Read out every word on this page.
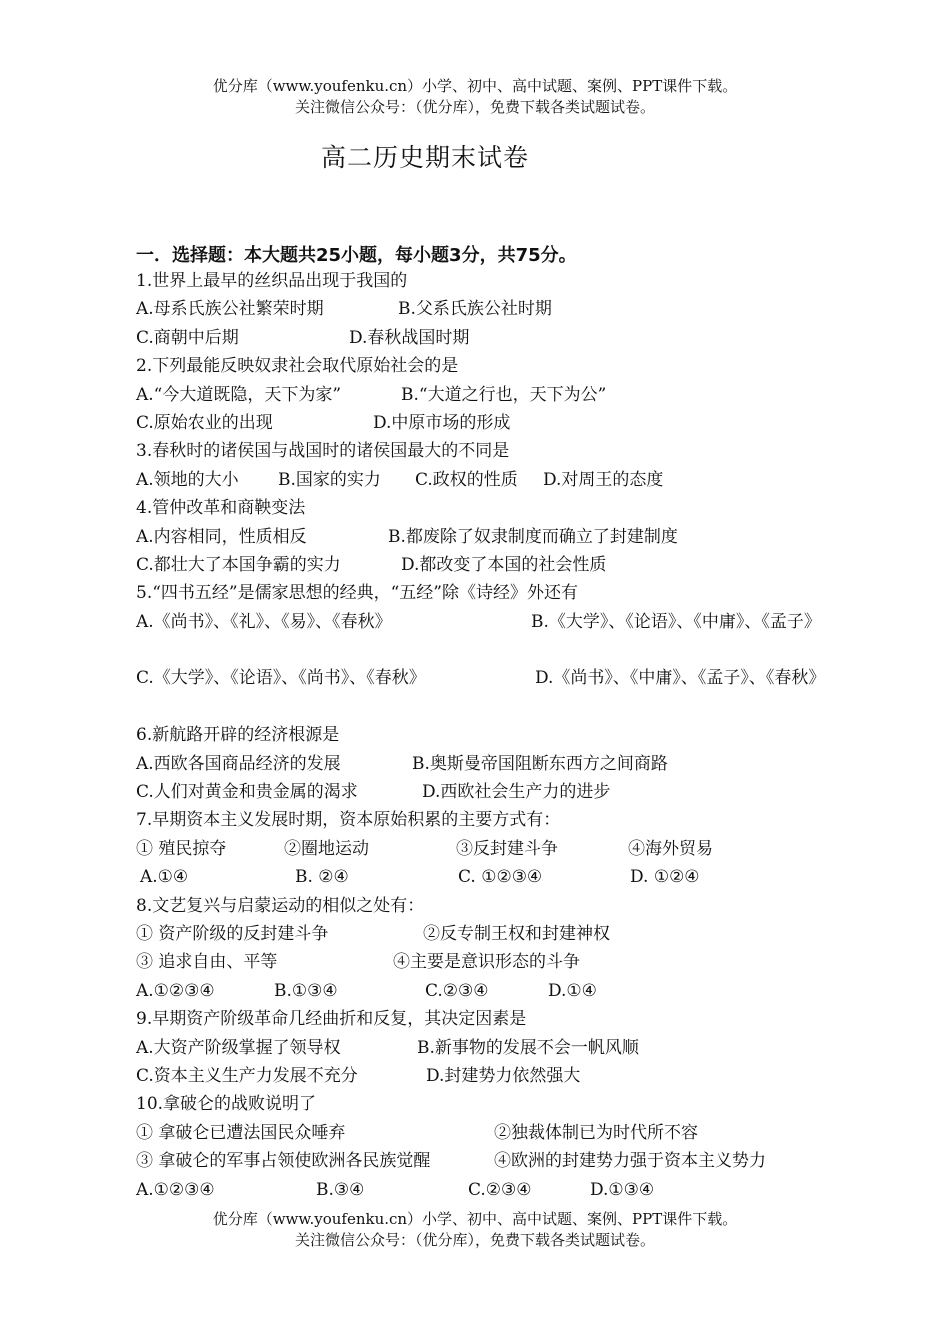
优分库（www.youfenku.cn）小学、初中、高中试题、案例、PPT课件下载。
关注微信公众号：（优分库），免费下载各类试题试卷。
高二历史期末试卷
一．选择题：本大题共25小题，每小题3分，共75分。
1.世界上最早的丝织品出现于我国的
A.母系氏族公社繁荣时期	B.父系氏族公社时期
C.商朝中后期	D.春秋战国时期
2.下列最能反映奴隶社会取代原始社会的是
A.“今大道既隐，天下为家”	B.“大道之行也，天下为公”
C.原始农业的出现	D.中原市场的形成
3.春秋时的诸侯国与战国时的诸侯国最大的不同是
A.领地的大小 B.国家的实力 C.政权的性质 D.对周王的态度
4.管仲改革和商鞅变法
A.内容相同，性质相反	B.都废除了奴隶制度而确立了封建制度
C.都壮大了本国争霸的实力	D.都改变了本国的社会性质
5.“四书五经”是儒家思想的经典，“五经”除《诗经》外还有
A.《尚书》、《礼》、《易》、《春秋》	B.《大学》、《论语》、《中庸》、《孟子》
C.《大学》、《论语》、《尚书》、《春秋》	D.《尚书》、《中庸》、《孟子》、《春秋》
6.新航路开辟的经济根源是
A.西欧各国商品经济的发展	B.奥斯曼帝国阻断东西方之间商路
C.人们对黄金和贵金属的渴求	D.西欧社会生产力的进步
7.早期资本主义发展时期，资本原始积累的主要方式有：
① 殖民掠夺	②圈地运动	③反封建斗争	④海外贸易
A.①④	B. ②④	C. ①②③④	D. ①②④
8.文艺复兴与启蒙运动的相似之处有：
① 资产阶级的反封建斗争	②反专制王权和封建神权
③ 追求自由、平等	④主要是意识形态的斗争
A.①②③④	B.①③④	C.②③④	D.①④
9.早期资产阶级革命几经曲折和反复，其决定因素是
A.大资产阶级掌握了领导权	B.新事物的发展不会一帆风顺
C.资本主义生产力发展不充分	D.封建势力依然强大
10.拿破仑的战败说明了
① 拿破仑已遭法国民众唾弃	②独裁体制已为时代所不容
③ 拿破仑的军事占领使欧洲各民族觉醒	④欧洲的封建势力强于资本主义势力
A.①②③④	B.③④	C.②③④	D.①③④
优分库（www.youfenku.cn）小学、初中、高中试题、案例、PPT课件下载。
关注微信公众号：（优分库），免费下载各类试题试卷。
